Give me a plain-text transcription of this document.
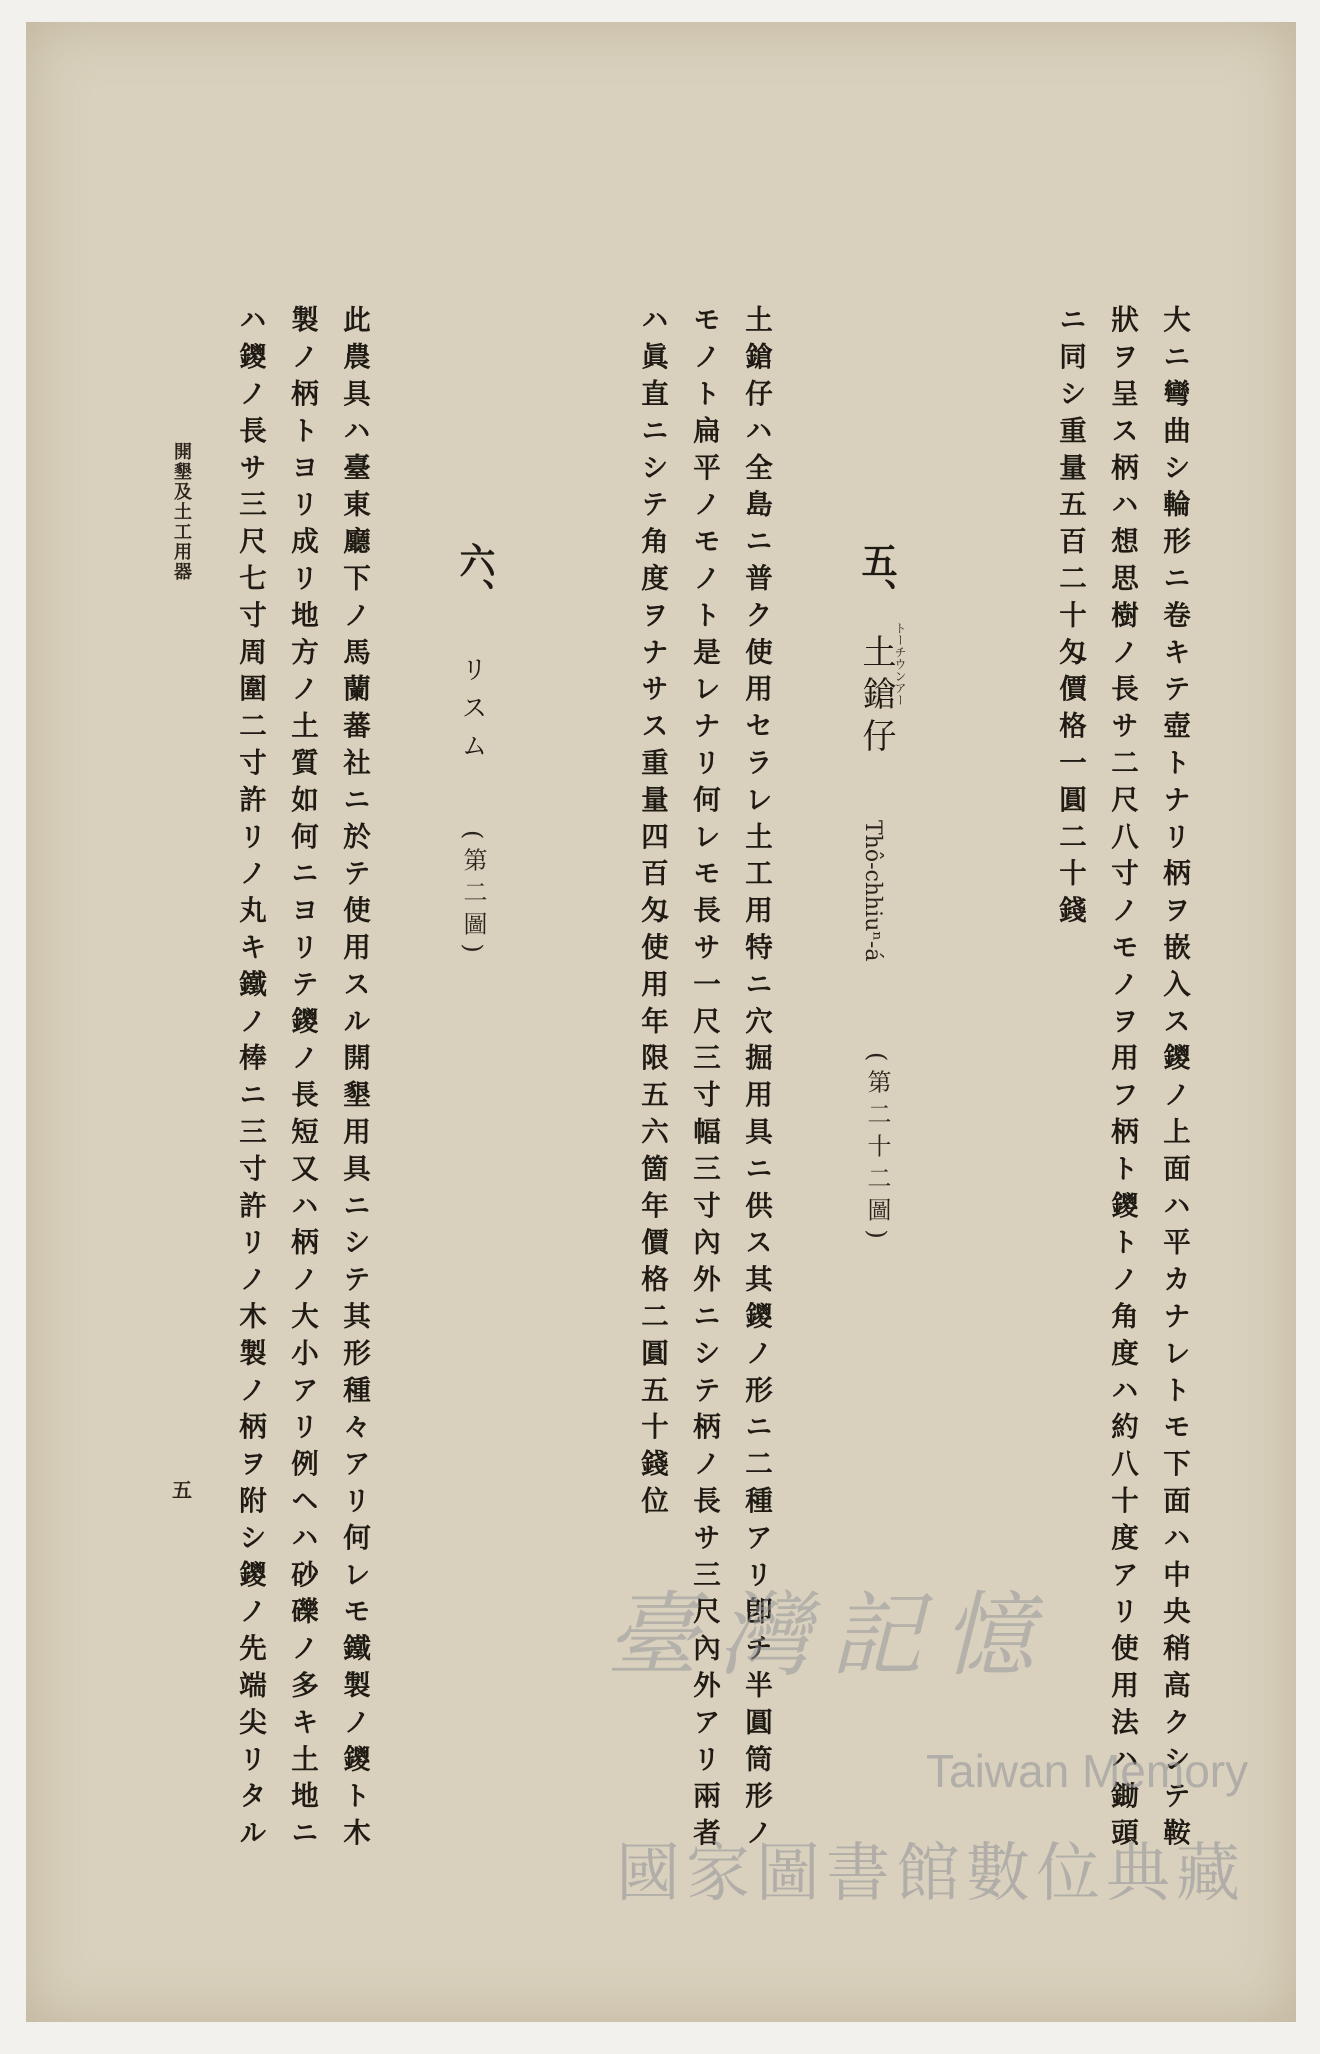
大ニ彎曲シ輪形ニ卷キテ壺トナリ柄ヲ嵌入ス鑁ノ上面ハ平カナレトモ下面ハ中央稍高クシテ鞍
狀ヲ呈ス柄ハ想思樹ノ長サ二尺八寸ノモノヲ用フ柄ト鑁トノ角度ハ約八十度アリ使用法ハ鋤頭
ニ同シ重量五百二十匁價格一圓二十錢
五、
土鎗仔
トーチウンアー
Thô-chhiuⁿ-á
(第二十二圖)
土鎗仔ハ全島ニ普ク使用セラレ土工用特ニ穴掘用具ニ供ス其鑁ノ形ニ二種アリ卽チ半圓筒形ノ
モノト扁平ノモノト是レナリ何レモ長サ一尺三寸幅三寸內外ニシテ柄ノ長サ三尺內外アリ兩者
ハ眞直ニシテ角度ヲナサス重量四百匁使用年限五六箇年價格二圓五十錢位
六、
リスム
(第二圖)
此農具ハ臺東廳下ノ馬蘭蕃社ニ於テ使用スル開墾用具ニシテ其形種々アリ何レモ鐵製ノ鑁ト木
製ノ柄トヨリ成リ地方ノ土質如何ニヨリテ鑁ノ長短又ハ柄ノ大小アリ例ヘハ砂礫ノ多キ土地ニ
ハ鑁ノ長サ三尺七寸周圍二寸許リノ丸キ鐵ノ棒ニ三寸許リノ木製ノ柄ヲ附シ鑁ノ先端尖リタル
開墾及土工用器
五
臺灣記憶
Taiwan Memory
國家圖書館數位典藏
